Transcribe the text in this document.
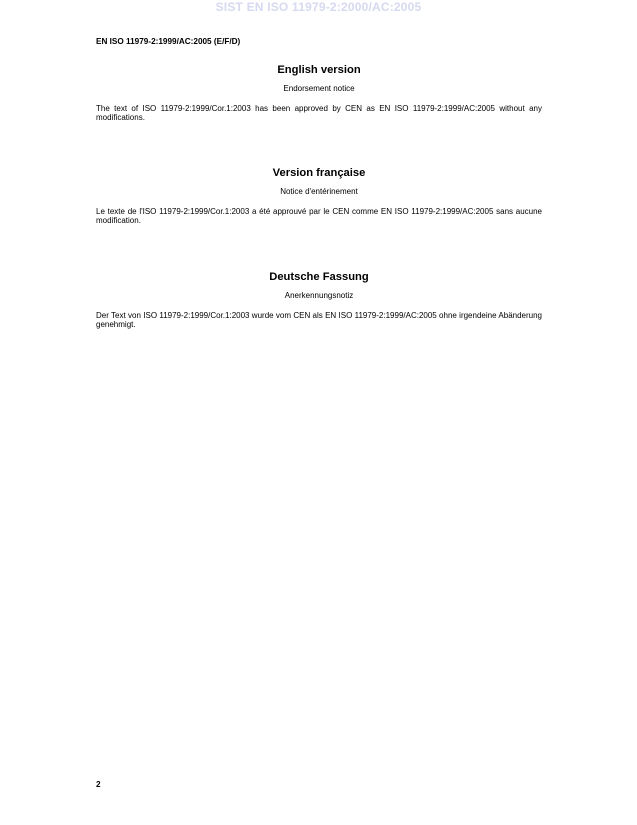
SIST EN ISO 11979-2:2000/AC:2005
EN ISO 11979-2:1999/AC:2005 (E/F/D)

English version

Endorsement notice

The text of ISO 11979-2:1999/Cor.1:2003 has been approved by CEN as EN ISO 11979-2:1999/AC:2005 without any modifications.

Version française

Notice d'entérinement

Le texte de l'ISO 11979-2:1999/Cor.1:2003 a été approuvé par le CEN comme EN ISO 11979-2:1999/AC:2005 sans aucune modification.

Deutsche Fassung

Anerkennungsnotiz

Der Text von ISO 11979-2:1999/Cor.1:2003 wurde vom CEN als EN ISO 11979-2:1999/AC:2005 ohne irgendeine Abänderung genehmigt.

2
